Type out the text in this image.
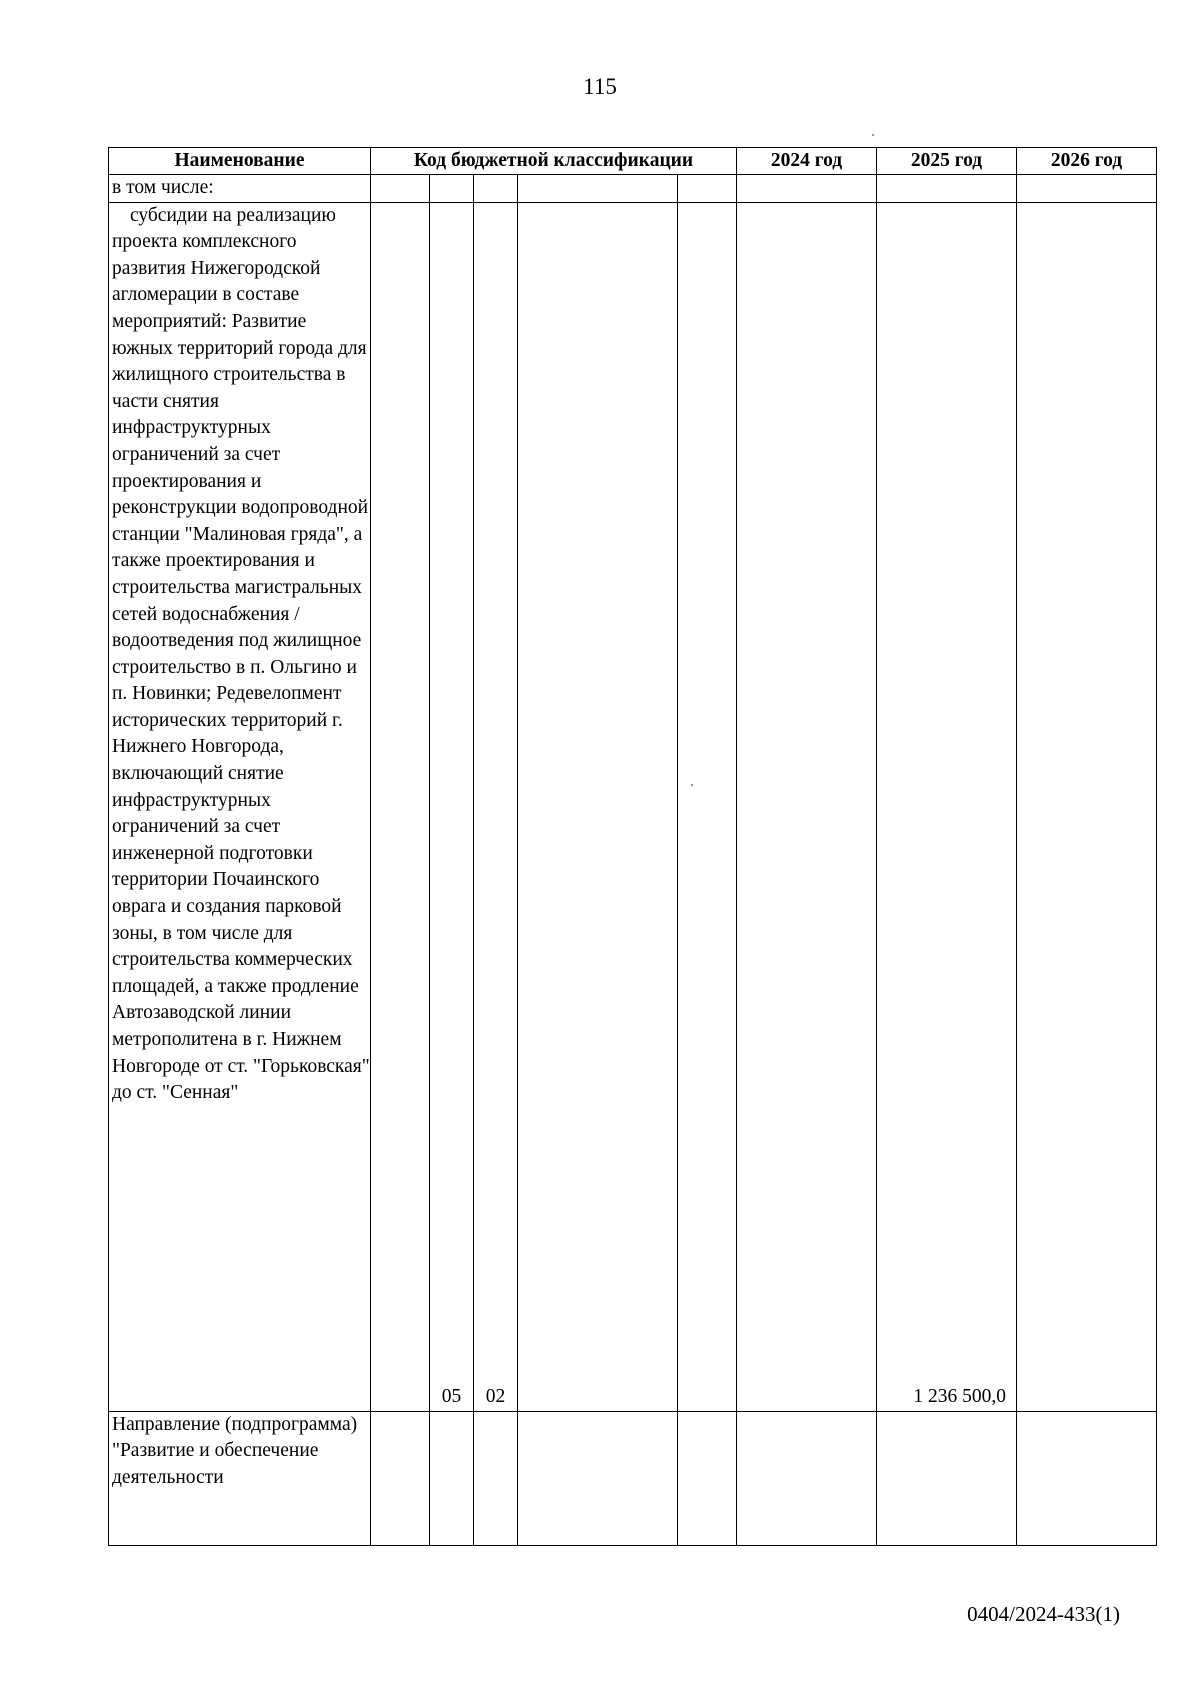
115
Наименование	Код бюджетной классификации					2024 год	2025 год	2026 год
в том числе:								
субсидии на реализацию проекта комплексного развития Нижегородской агломерации в составе мероприятий: Развитие южных территорий города для жилищного строительства в части снятия инфраструктурных ограничений за счет проектирования и реконструкции водопроводной станции "Малиновая гряда", а также проектирования и строительства магистральных сетей водоснабжения / водоотведения под жилищное строительство в п. Ольгино и п. Новинки; Редевелопмент исторических территорий г. Нижнего Новгорода, включающий снятие инфраструктурных ограничений за счет инженерной подготовки территории Почаинского оврага и создания парковой зоны, в том числе для строительства коммерческих площадей, а также продление Автозаводской линии метрополитена в г. Нижнем Новгороде от ст. "Горьковская" до ст. "Сенная"		05	02				1 236 500,0	
Направление (подпрограмма) "Развитие и обеспечение деятельности								
0404/2024-433(1)
